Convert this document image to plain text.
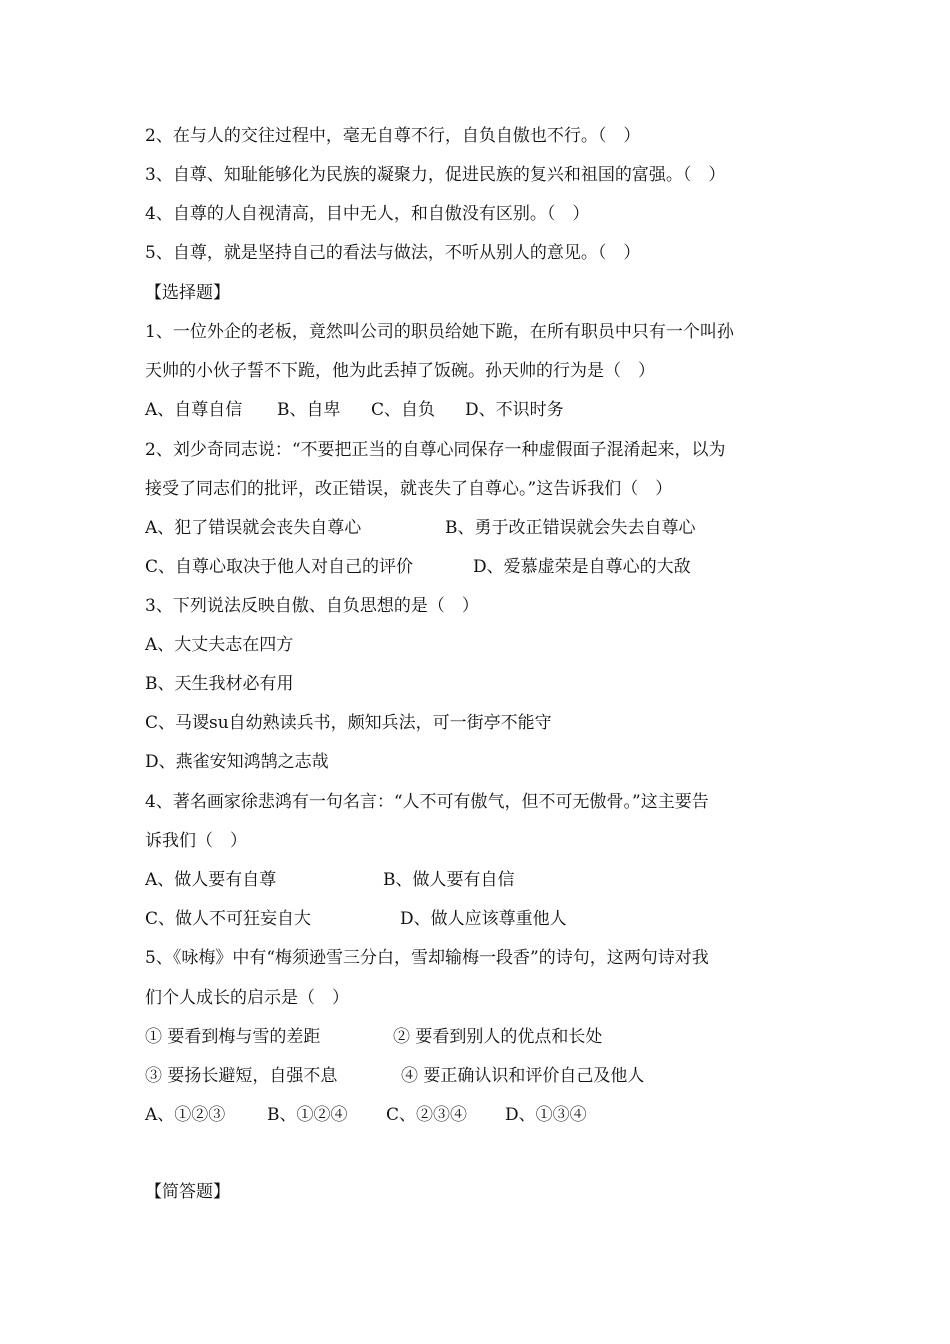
2、在与人的交往过程中，毫无自尊不行，自负自傲也不行。（　）
3、自尊、知耻能够化为民族的凝聚力，促进民族的复兴和祖国的富强。（　）
4、自尊的人自视清高，目中无人，和自傲没有区别。（　）
5、自尊，就是坚持自己的看法与做法，不听从别人的意见。（　）
【选择题】
1、一位外企的老板，竟然叫公司的职员给她下跪，在所有职员中只有一个叫孙
天帅的小伙子誓不下跪，他为此丢掉了饭碗。孙天帅的行为是（　）
A、自尊自信 B、自卑 C、自负 D、不识时务
2、刘少奇同志说：“不要把正当的自尊心同保存一种虚假面子混淆起来，以为
接受了同志们的批评，改正错误，就丧失了自尊心。”这告诉我们（　）
A、犯了错误就会丧失自尊心	B、勇于改正错误就会失去自尊心
C、自尊心取决于他人对自己的评价	D、爱慕虚荣是自尊心的大敌
3、下列说法反映自傲、自负思想的是（　）
A、大丈夫志在四方
B、天生我材必有用
C、马谡su自幼熟读兵书，颇知兵法，可一街亭不能守
D、燕雀安知鸿鹄之志哉
4、著名画家徐悲鸿有一句名言：“人不可有傲气，但不可无傲骨。”这主要告
诉我们（　）
A、做人要有自尊	B、做人要有自信
C、做人不可狂妄自大	D、做人应该尊重他人
5、《咏梅》中有“梅须逊雪三分白，雪却输梅一段香”的诗句，这两句诗对我
们个人成长的启示是（　）
① 要看到梅与雪的差距	② 要看到别人的优点和长处
③ 要扬长避短，自强不息	④ 要正确认识和评价自己及他人
A、①②③ B、①②④ C、②③④ D、①③④
【简答题】
